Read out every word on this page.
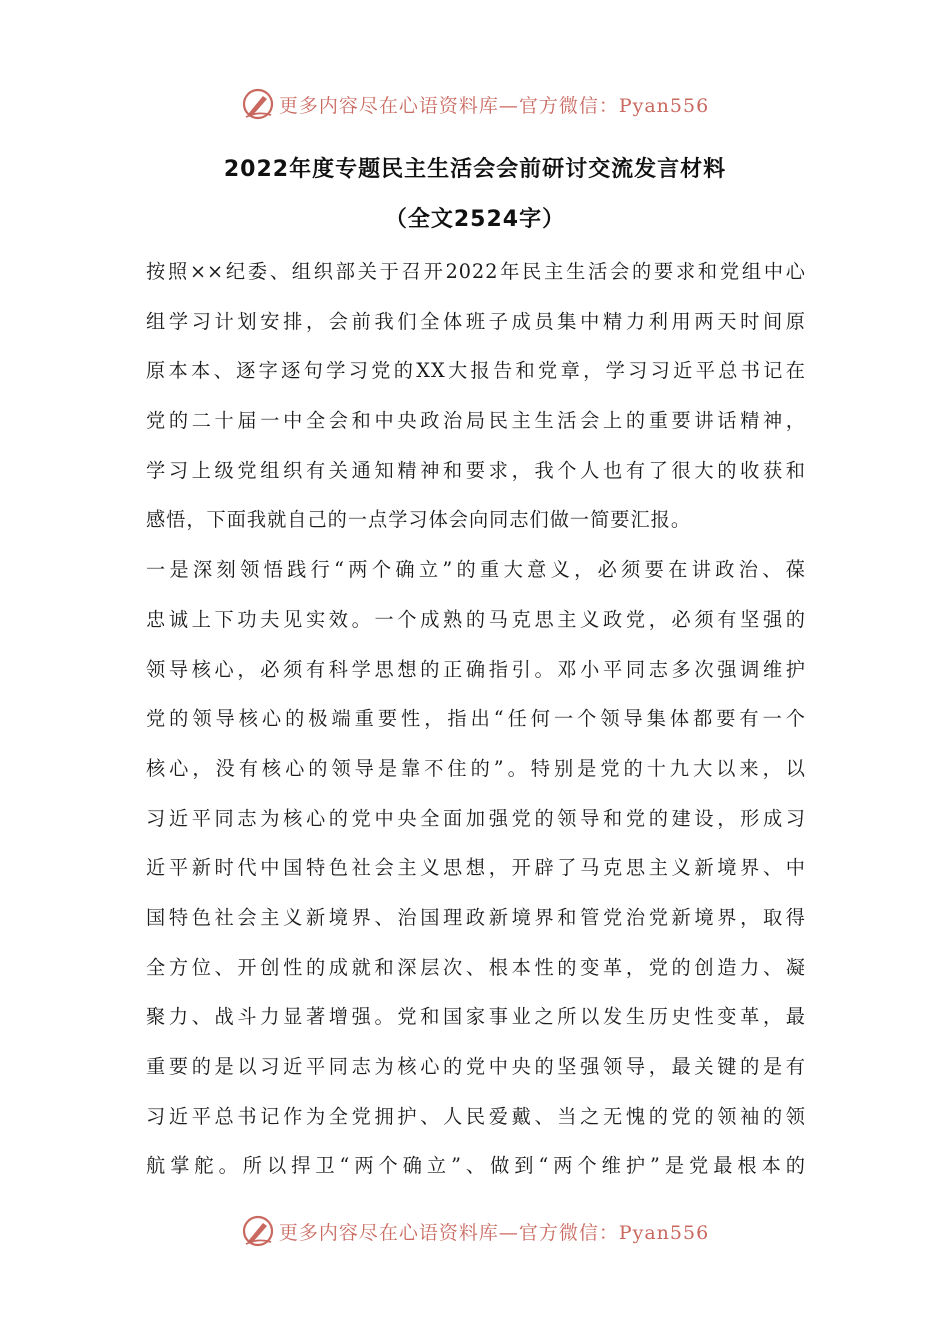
更多内容尽在心语资料库—官方微信：Pyan556
2022年度专题民主生活会会前研讨交流发言材料
（全文2524字）
按照××纪委、组织部关于召开2022年民主生活会的要求和党组中心
组学习计划安排，会前我们全体班子成员集中精力利用两天时间原
原本本、逐字逐句学习党的XX大报告和党章，学习习近平总书记在
党的二十届一中全会和中央政治局民主生活会上的重要讲话精神，
学习上级党组织有关通知精神和要求，我个人也有了很大的收获和
感悟，下面我就自己的一点学习体会向同志们做一简要汇报。
一是深刻领悟践行“两个确立”的重大意义，必须要在讲政治、葆
忠诚上下功夫见实效。一个成熟的马克思主义政党，必须有坚强的
领导核心，必须有科学思想的正确指引。邓小平同志多次强调维护
党的领导核心的极端重要性，指出“任何一个领导集体都要有一个
核心，没有核心的领导是靠不住的”。特别是党的十九大以来，以
习近平同志为核心的党中央全面加强党的领导和党的建设，形成习
近平新时代中国特色社会主义思想，开辟了马克思主义新境界、中
国特色社会主义新境界、治国理政新境界和管党治党新境界，取得
全方位、开创性的成就和深层次、根本性的变革，党的创造力、凝
聚力、战斗力显著增强。党和国家事业之所以发生历史性变革，最
重要的是以习近平同志为核心的党中央的坚强领导，最关键的是有
习近平总书记作为全党拥护、人民爱戴、当之无愧的党的领袖的领
航掌舵。所以捍卫“两个确立”、做到“两个维护”是党最根本的
更多内容尽在心语资料库—官方微信：Pyan556
